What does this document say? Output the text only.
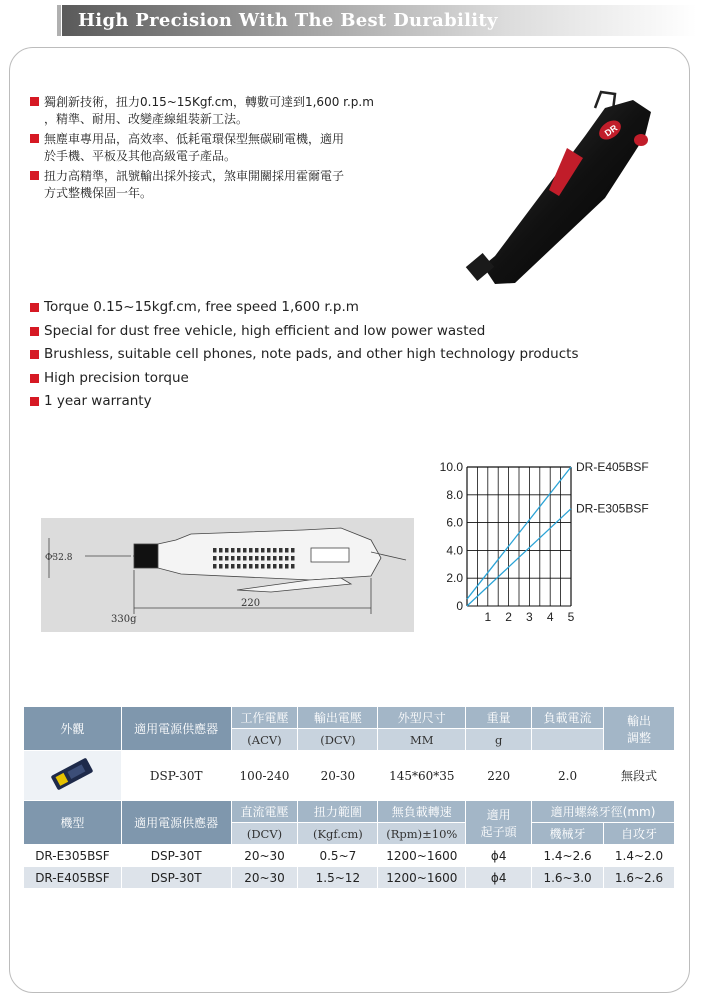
High Precision With The Best Durability
獨創新技術，扭力0.15~15Kgf.cm，轉數可達到1,600 r.p.m
，精準、耐用、改變產線組裝新工法。
無塵車專用品，高效率、低耗電環保型無碳刷電機，適用
於手機、平板及其他高級電子產品。
扭力高精準，訊號輸出採外接式，煞車開關採用霍爾電子
方式整機保固一年。
DR
Torque 0.15~15kgf.cm, free speed 1,600 r.p.m
Special for dust free vehicle, high efficient and low power wasted
Brushless, suitable cell phones, note pads, and other high technology products
High precision torque
1 year warranty
Φ32.8
220
330g
0
2.0
4.0
6.0
8.0
10.0
1 2 3 4 5
DR-E405BSF
DR-E305BSF
外觀	適用電源供應器	工作電壓	輸出電壓	外型尺寸	重量	負載電流	輸出
調整
		(ACV)	(DCV)	MM	g		
	DSP-30T	100-240	20-30	145*60*35	220	2.0	無段式
機型	適用電源供應器	直流電壓	扭力範圍	無負載轉速	適用
起子頭	適用螺絲牙徑(mm)	
		(DCV)	(Kgf.cm)	(Rpm)±10%		機械牙	自攻牙
DR-E305BSF	DSP-30T	20~30	0.5~7	1200~1600	ϕ4	1.4~2.6	1.4~2.0
DR-E405BSF	DSP-30T	20~30	1.5~12	1200~1600	ϕ4	1.6~3.0	1.6~2.6
